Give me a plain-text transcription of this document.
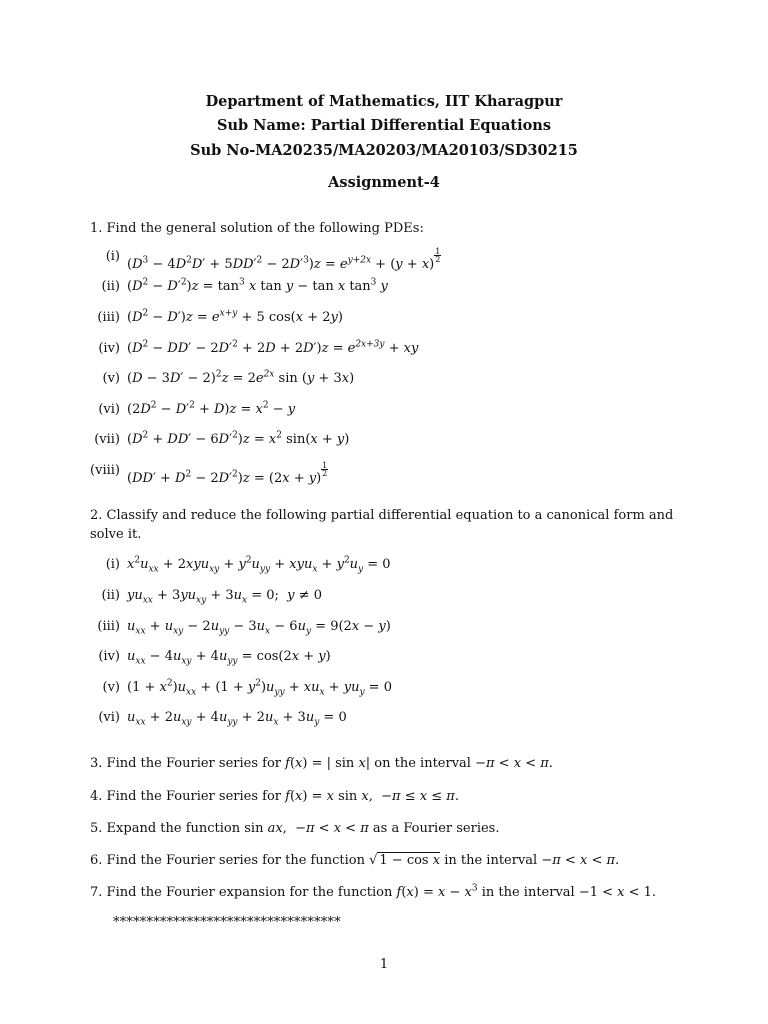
Department of Mathematics, IIT Kharagpur
Sub Name: Partial Differential Equations
Sub No-MA20235/MA20203/MA20103/SD30215
Assignment-4
1. Find the general solution of the following PDEs:
(i)
$(D^3 - 4D^2D' + 5DD'^2 - 2D'^3)z = e^{y+2x} + (y + x)$
$\frac{1}{2}$
(ii) $(D^2 - D'^2)z = \tan^3 x$ tan y − tan x $\tan^3 y$
(iii) $(D^2 - D')z = e^{x+y} + 5$ cos(x + 2y)
(iv) $(D^2 - DD' - 2D'^2 + 2D + 2D')z = e^{2x+3y}$ + xy
(v) $(D - 3D' - 2)^2z = 2e^{2x}$ sin (y + 3x)
(vi) $(2D^2 - D'^2 + D)z = x^2 - y$
(vii) $(D^2 + DD' - 6D'^2)z = x^2$ sin(x + y)
(viii)
$(DD' + D^2 - 2D'^2)z = (2x + y)$
$\frac{1}{2}$
2. Classify and reduce the following partial differential equation to a canonical form and
solve it.
(i) $x^2u_{xx} + 2xyu_{xy} + y^2u_{yy} + xyu_x + y^2u_y = 0$
(ii) $yu_{xx} + 3yu_{xy} + 3u_x = 0$;  y ≠ 0
(iii) $u_{xx} + u_{xy} - 2u_{yy} - 3u_x - 6u_y = 9(2x - y)$
(iv) $u_{xx} - 4u_{xy} + 4u_{yy} = \cos(2x + y)$
(v) $(1 + x^2)u_{xx} + (1 + y^2)u_{yy} + xu_x + yu_y = 0$
(vi) $u_{xx} + 2u_{xy} + 4u_{yy} + 2u_x + 3u_y = 0$
3. Find the Fourier series for f(x) = | sin x| on the interval −π < x < π.
4. Find the Fourier series for f(x) = x sin x,  −π ≤ x ≤ π.
5. Expand the function sin ax,  −π < x < π as a Fourier series.
6. Find the Fourier series for the function √ 1 − cos x in the interval −π < x < π.
7. Find the Fourier expansion for the function $f(x) = x - x^3$ in the interval −1 < x < 1.
**********************************
1
